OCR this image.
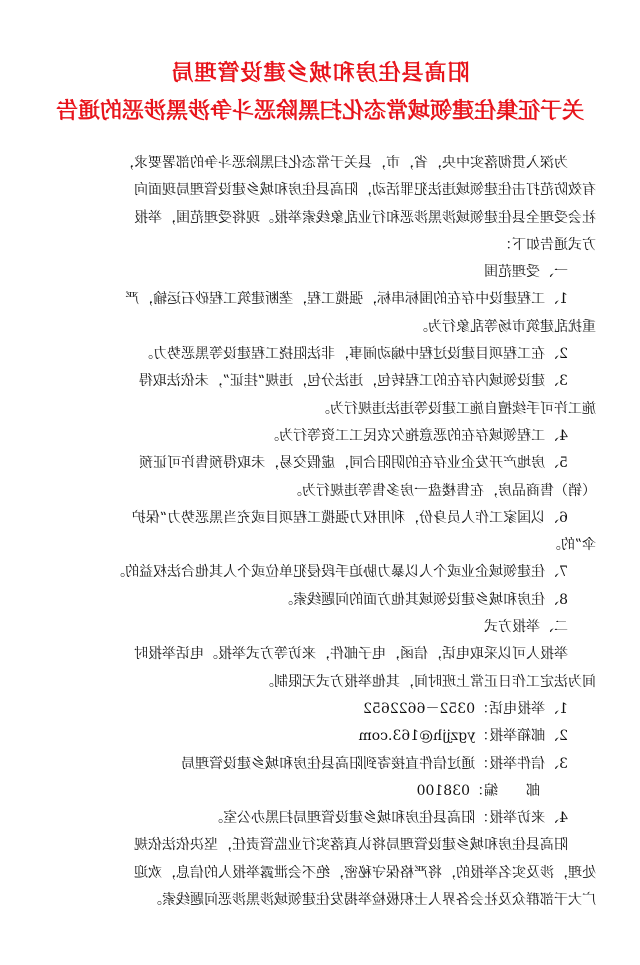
阳高县住房和城乡建设管理局
关于征集住建领域常态化扫黑除恶斗争涉黑涉恶的通告
为深入贯彻落实中央，省，市，县关于常态化扫黑除恶斗争的部署要求，
有效防范打击住建领域违法犯罪活动，阳高县住房和城乡建设管理局现面向
社会受理全县住建领域涉黑涉恶和行业乱象线索举报。现将受理范围，举报
方式通告如下：
一、受理范围
1、工程建设中存在的围标串标，强揽工程，垄断建筑工程砂石运输，严
重扰乱建筑市场等乱象行为。
2、在工程项目建设过程中煽动闹事，非法阻挠工程建设等黑恶势力。
3、建设领域内存在的工程转包，违法分包，违规“挂证”，未依法取得
施工许可手续擅自施工建设等违法违规行为。
4、工程领域存在的恶意拖欠农民工工资等行为。
5、房地产开发企业存在的阴阳合同，虚假交易，未取得预售许可证预
（销）售商品房，在售楼盘一房多售等违规行为。
6、以国家工作人员身份，利用权力强揽工程项目或充当黑恶势力“保护
伞”的。
7、住建领域企业或个人以暴力胁迫手段侵犯单位或个人其他合法权益的。
8、住房和城乡建设领域其他方面的问题线索。
二、举报方式
举报人可以采取电话，信函，电子邮件，来访等方式举报。电话举报时
间为法定工作日正常上班时间，其他举报方式无限制。
1、举报电话：0352－6622652
2、邮箱举报：ygzjjh@163.com
3、信件举报：通过信件直接寄到阳高县住房和城乡建设管理局
　　邮　　编：038100
4、来访举报：阳高县住房和城乡建设管理局扫黑办公室。
阳高县住房和城乡建设管理局将认真落实行业监管责任，坚决依法依规
处理，涉及实名举报的，将严格保守秘密，绝不会泄露举报人的信息，欢迎
广大干部群众及社会各界人士积极检举揭发住建领域涉黑涉恶问题线索。
